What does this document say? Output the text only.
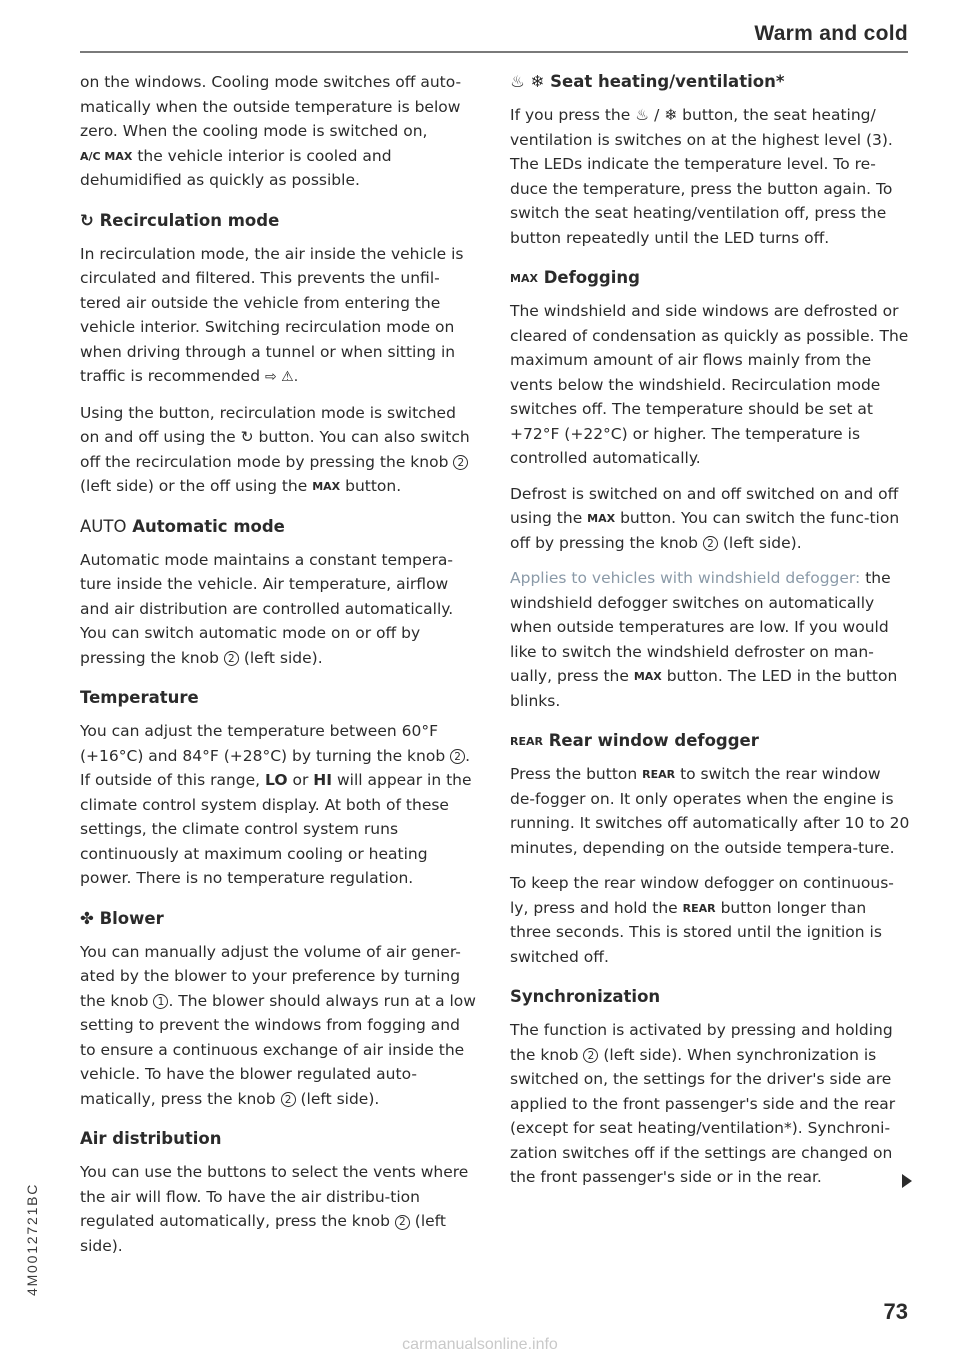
Warm and cold

on the windows. Cooling mode switches off auto-matically when the outside temperature is below zero. When the cooling mode is switched on, A/C MAX the vehicle interior is cooled and dehumidified as quickly as possible.

↻ Recirculation mode

In recirculation mode, the air inside the vehicle is circulated and filtered. This prevents the unfil-tered air outside the vehicle from entering the vehicle interior. Switching recirculation mode on when driving through a tunnel or when sitting in traffic is recommended ⇨ ⚠.

Using the button, recirculation mode is switched on and off using the ↻ button. You can also switch off the recirculation mode by pressing the knob 2 (left side) or the off using the MAX button.

AUTO Automatic mode

Automatic mode maintains a constant tempera-ture inside the vehicle. Air temperature, airflow and air distribution are controlled automatically. You can switch automatic mode on or off by pressing the knob 2 (left side).

Temperature

You can adjust the temperature between 60°F (+16°C) and 84°F (+28°C) by turning the knob 2 . If outside of this range, LO or HI will appear in the climate control system display. At both of these settings, the climate control system runs continuously at maximum cooling or heating power. There is no temperature regulation.

✤ Blower

You can manually adjust the volume of air gener-ated by the blower to your preference by turning the knob 1 . The blower should always run at a low setting to prevent the windows from fogging and to ensure a continuous exchange of air inside the vehicle. To have the blower regulated auto-matically, press the knob 2 (left side).

Air distribution

You can use the buttons to select the vents where the air will flow. To have the air distribu-tion regulated automatically, press the knob 2 (left side).

♨ ❄ Seat heating/ventilation*

If you press the ♨ / ❄ button, the seat heating/ ventilation is switches on at the highest level (3). The LEDs indicate the temperature level. To re-duce the temperature, press the button again. To switch the seat heating/ventilation off, press the button repeatedly until the LED turns off.

MAX Defogging

The windshield and side windows are defrosted or cleared of condensation as quickly as possible. The maximum amount of air flows mainly from the vents below the windshield. Recirculation mode switches off. The temperature should be set at +72°F (+22°C) or higher. The temperature is controlled automatically.

Defrost is switched on and off switched on and off using the MAX button. You can switch the func-tion off by pressing the knob 2 (left side).

Applies to vehicles with windshield defogger: the windshield defogger switches on automatically when outside temperatures are low. If you would like to switch the windshield defroster on man-ually, press the MAX button. The LED in the button blinks.

REAR Rear window defogger

Press the button REAR to switch the rear window de-fogger on. It only operates when the engine is running. It switches off automatically after 10 to 20 minutes, depending on the outside tempera-ture.

To keep the rear window defogger on continuous-ly, press and hold the REAR button longer than three seconds. This is stored until the ignition is switched off.

Synchronization

The function is activated by pressing and holding the knob 2 (left side). When synchronization is switched on, the settings for the driver's side are applied to the front passenger's side and the rear (except for seat heating/ventilation*). Synchroni-zation switches off if the settings are changed on the front passenger's side or in the rear.

4M0012721BC
73
carmanualsonline.info
